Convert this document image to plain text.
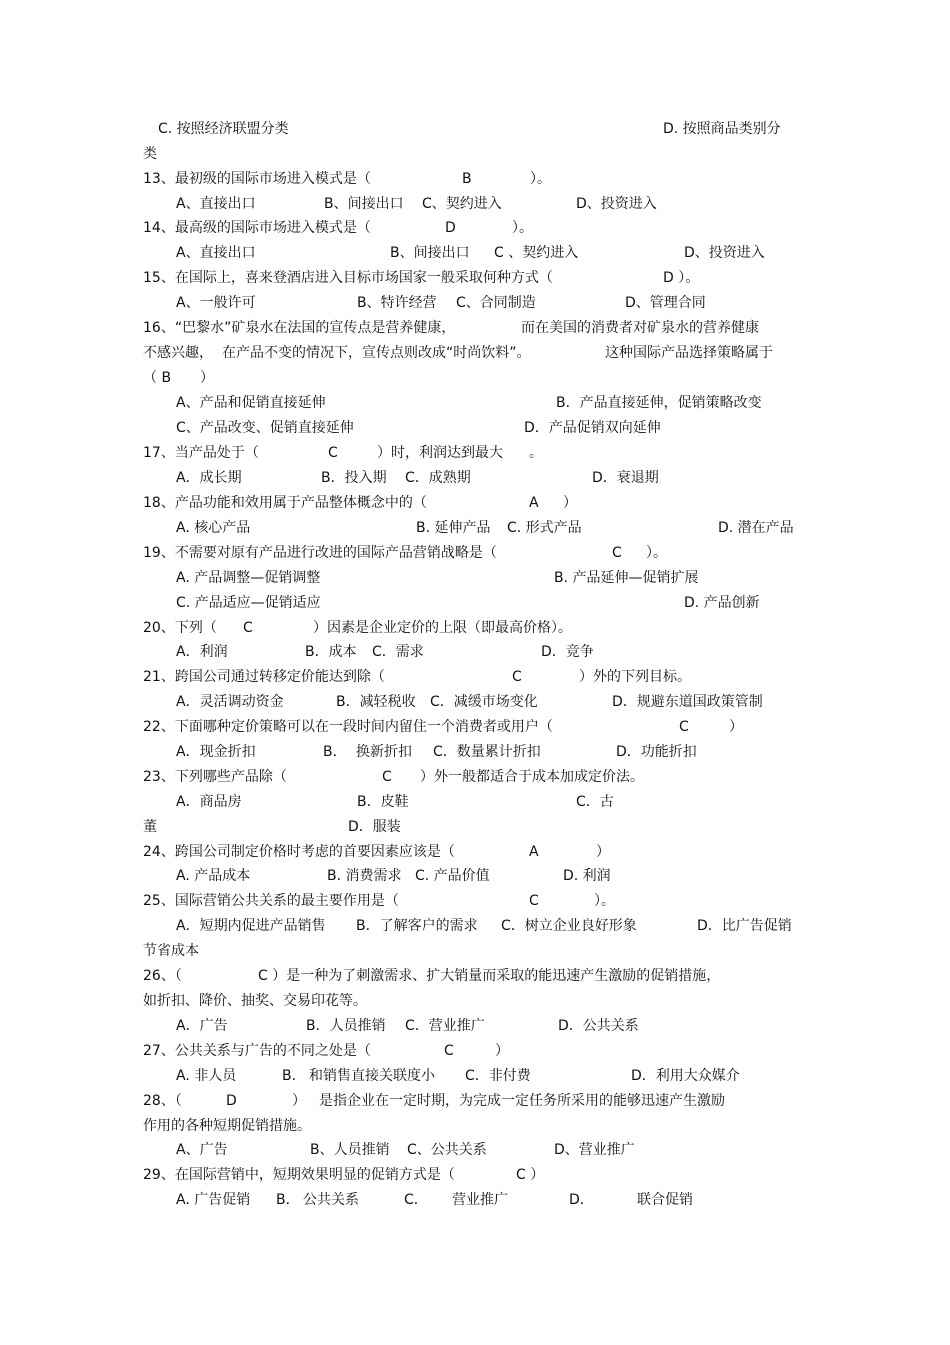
C. 按照经济联盟分类	D. 按照商品类别分
类
13、最初级的国际市场进入模式是（	B	）。
A、直接出口	B、间接出口 C、契约进入	D、投资进入
14、最高级的国际市场进入模式是（	D	）。
A、直接出口	B、间接出口 C 、契约进入	D、投资进入
15、在国际上，喜来登酒店进入目标市场国家一般采取何种方式（	D ）。
A、一般许可	B、特许经营 C、合同制造	D、管理合同
16、“巴黎水”矿泉水在法国的宣传点是营养健康，	而在美国的消费者对矿泉水的营养健康
不感兴趣， 在产品不变的情况下， 宣传点则改成“时尚饮料”。	这种国际产品选择策略属于
（ B ）
A、产品和促销直接延伸	B．产品直接延伸，促销策略改变
C、产品改变、促销直接延伸	D．产品促销双向延伸
17、当产品处于（	C	）时，利润达到最大 。
A．成长期	B．投入期 C．成熟期	D．衰退期
18、产品功能和效用属于产品整体概念中的（	A ）
A. 核心产品	B. 延伸产品 C. 形式产品	D. 潜在产品
19、不需要对原有产品进行改进的国际产品营销战略是（	C ）。
A. 产品调整—促销调整	B. 产品延伸—促销扩展
C. 产品适应—促销适应	D. 产品创新
20、下列（ C	）因素是企业定价的上限（即最高价格）。
A．利润	B．成本 C．需求	D．竞争
21、跨国公司通过转移定价能达到除（	C	）外的下列目标。
A．灵活调动资金	B．减轻税收 C．减缓市场变化	D．规避东道国政策管制
22、下面哪种定价策略可以在一段时间内留住一个消费者或用户（	C	）
A．现金折扣	B． 换新折扣 C．数量累计折扣	D．功能折扣
23、下列哪些产品除（	C ）外一般都适合于成本加成定价法。
A．商品房	B．皮鞋	C．古
董	D．服装
24、跨国公司制定价格时考虑的首要因素应该是（	A	）
A. 产品成本	B. 消费需求 C. 产品价值	D. 利润
25、国际营销公共关系的最主要作用是（	C	）。
A．短期内促进产品销售 B．了解客户的需求 C．树立企业良好形象	D．比广告促销
节省成本
26、（	C ）是一种为了刺激需求、扩大销量而采取的能迅速产生激励的促销措施，
如折扣、降价、抽奖、交易印花等。
A．广告	B．人员推销 C．营业推广	D．公共关系
27、公共关系与广告的不同之处是（	C	）
A. 非人员	B． 和销售直接关联度小 C．非付费	D．利用大众媒介
28、（	D	） 是指企业在一定时期，为完成一定任务所采用的能够迅速产生激励
作用的各种短期促销措施。
A、广告	B、人员推销 C、公共关系	D、营业推广
29、在国际营销中，短期效果明显的促销方式是（	C ）
A. 广告促销 B． 公共关系	C． 营业推广	D．	联合促销
